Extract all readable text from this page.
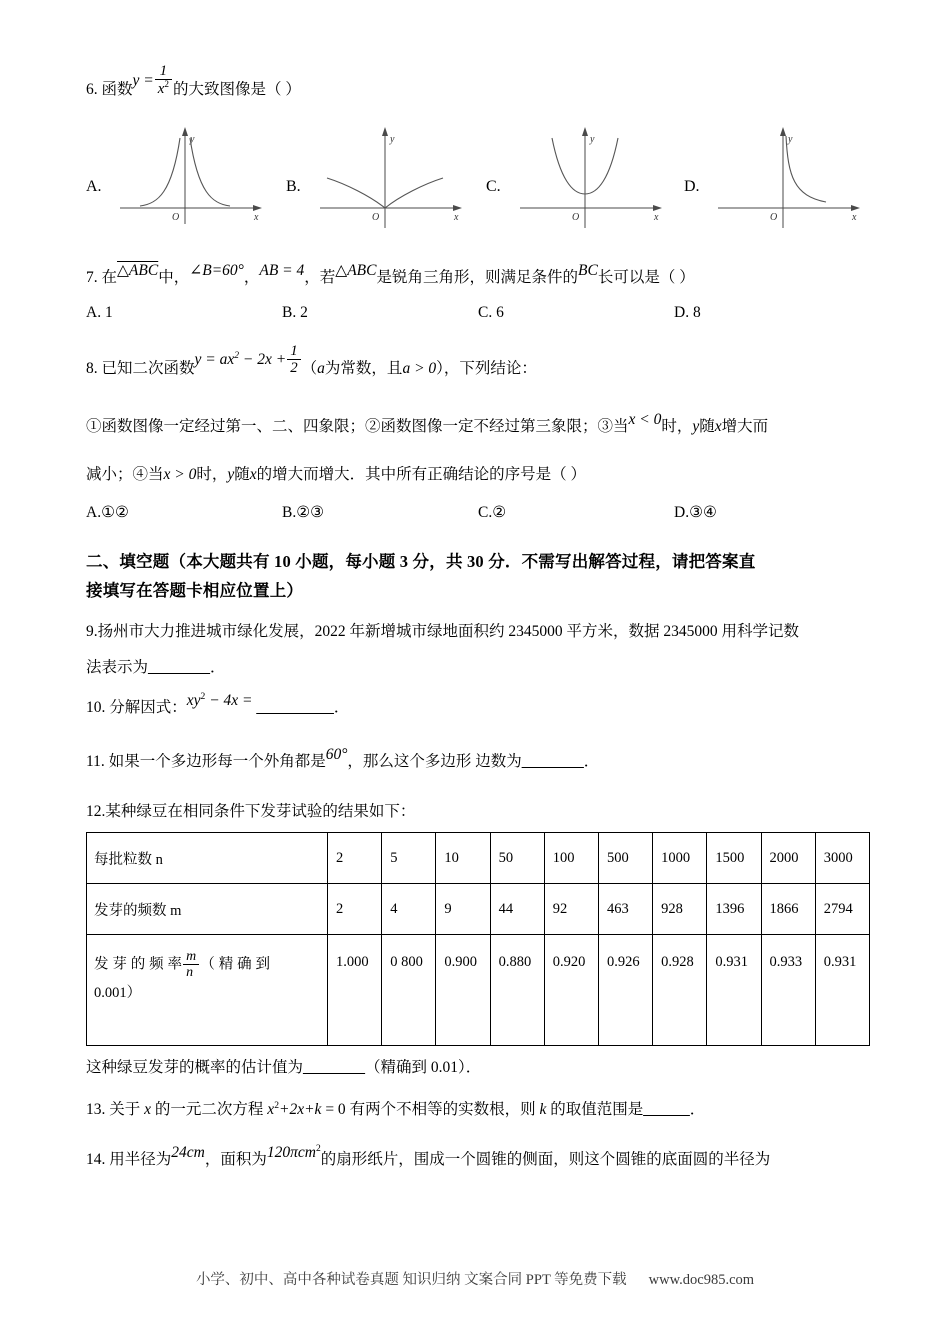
6. 函数$y = \frac{1}{x^2}$ 的大致图像是（ ）
A.
y
x
O
B.
y
x
O
C.
y
x
O
D.
y
x
O
7. 在△ABC中，∠B=60°，AB = 4，若△ABC是锐角三角形，则满足条件的BC长可以是（ ）
A. 1	B. 2	C. 6	D. 8
8. 已知二次函数$y = ax^2 - 2x + \frac{1}{2} (a$为常数，且a > 0），下列结论：
①函数图像一定经过第一、二、四象限；②函数图像一定不经过第三象限；③当x < 0时，y随x增大而
减小；④当x > 0时，y随x的增大而增大．其中所有正确结论的序号是（ ）
A.①②	B.②③	C.②	D.③④
二、填空题（本大题共有 10 小题，每小题 3 分，共 30 分．不需写出解答过程，请把答案直
接填写在答题卡相应位置上）
9.扬州市大力推进城市绿化发展，2022 年新增城市绿地面积约 2345000 平方米，数据 2345000 用科学记数
法表示为________．
10. 分解因式：$xy^2 - 4x$ = __________．
11. 如果一个多边形每一个外角都是60°，那么这个多边形 边数为________．
12.某种绿豆在相同条件下发芽试验的结果如下：
每批粒数 n	2	5	10	50	100	500	1000	1500	2000	3000
发芽的频数 m	2	4	9	44	92	463	928	1396	1866	2794

发 芽 的 频 率 $\frac{m}{n}$ （ 精 确 到
0.001）	1.000	0 800	0.900	0.880	0.920	0.926	0.928	0.931	0.933	0.931
这种绿豆发芽的概率的估计值为________（精确到 0.01）．
13. 关于 x 的一元二次方程 $x^2+2x+k = 0$ 有两个不相等的实数根，则 k 的取值范围是______．
14. 用半径为24cm，面积为120πcm$^2$的扇形纸片，围成一个圆锥的侧面，则这个圆锥的底面圆的半径为
小学、初中、高中各种试卷真题 知识归纳 文案合同 PPT 等免费下载 www.doc985.com
